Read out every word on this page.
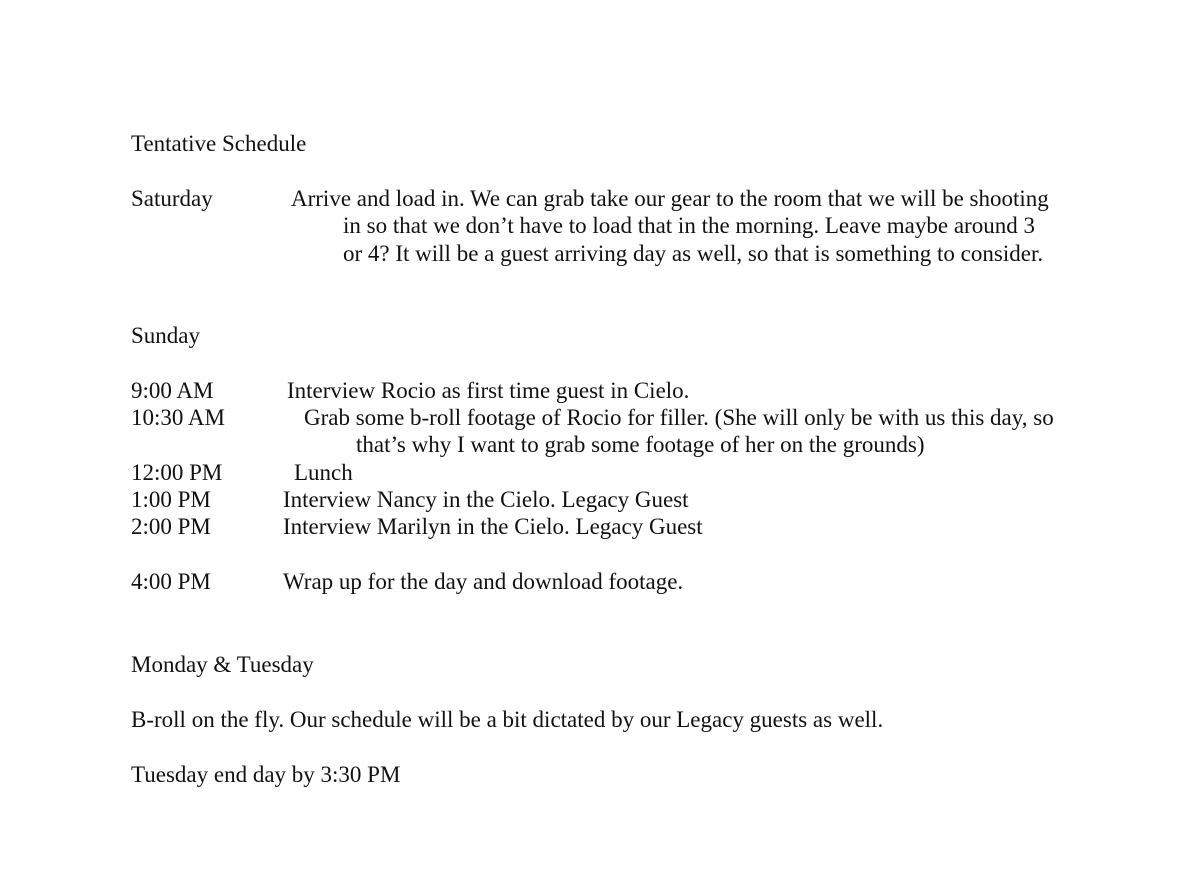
Tentative Schedule

Saturday	Arrive and load in. We can grab take our gear to the room that we will be shooting in so that we don’t have to load that in the morning. Leave maybe around 3 or 4? It will be a guest arriving day as well, so that is something to consider.

Sunday

9:00 AM	Interview Rocio as first time guest in Cielo.

10:30 AM	Grab some b-roll footage of Rocio for filler. (She will only be with us this day, so that’s why I want to grab some footage of her on the grounds)

12:00 PM	Lunch

1:00 PM	Interview Nancy in the Cielo. Legacy Guest

2:00 PM	Interview Marilyn in the Cielo. Legacy Guest

4:00 PM	Wrap up for the day and download footage.

Monday & Tuesday

B-roll on the fly. Our schedule will be a bit dictated by our Legacy guests as well.

Tuesday end day by 3:30 PM
